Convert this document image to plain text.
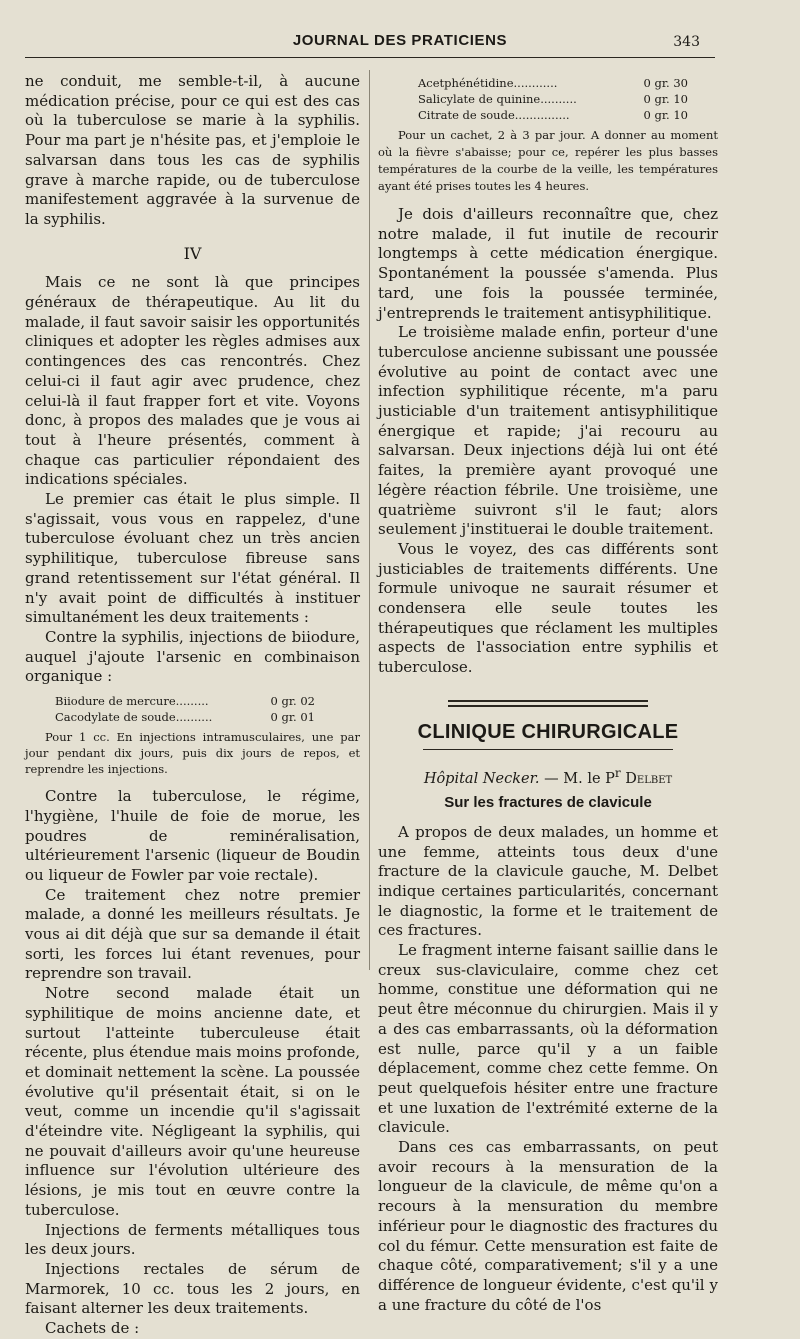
JOURNAL DES PRATICIENS	343

ne conduit, me semble-t-il, à aucune médication précise, pour ce qui est des cas où la tuberculose se marie à la syphilis. Pour ma part je n'hésite pas, et j'emploie le salvarsan dans tous les cas de syphilis grave à marche rapide, ou de tuberculose manifestement aggravée à la survenue de la syphilis.

IV

Mais ce ne sont là que principes généraux de thérapeutique. Au lit du malade, il faut savoir saisir les opportunités cliniques et adopter les règles admises aux contingences des cas rencontrés. Chez celui-ci il faut agir avec prudence, chez celui-là il faut frapper fort et vite. Voyons donc, à propos des malades que je vous ai tout à l'heure présentés, comment à chaque cas particulier répondaient des indications spéciales.

Le premier cas était le plus simple. Il s'agissait, vous vous en rappelez, d'une tuberculose évoluant chez un très ancien syphilitique, tuberculose fibreuse sans grand retentissement sur l'état général. Il n'y avait point de difficultés à instituer simultanément les deux traitements :

Contre la syphilis, injections de biiodure, auquel j'ajoute l'arsenic en combinaison organique :

Biiodure de mercure.........	0 gr. 02
Cacodylate de soude..........	0 gr. 01

Pour 1 cc. En injections intramusculaires, une par jour pendant dix jours, puis dix jours de repos, et reprendre les injections.

Contre la tuberculose, le régime, l'hygiène, l'huile de foie de morue, les poudres de reminéralisation, ultérieurement l'arsenic (liqueur de Boudin ou liqueur de Fowler par voie rectale).

Ce traitement chez notre premier malade, a donné les meilleurs résultats. Je vous ai dit déjà que sur sa demande il était sorti, les forces lui étant revenues, pour reprendre son travail.

Notre second malade était un syphilitique de moins ancienne date, et surtout l'atteinte tuberculeuse était récente, plus étendue mais moins profonde, et dominait nettement la scène. La poussée évolutive qu'il présentait était, si on le veut, comme un incendie qu'il s'agissait d'éteindre vite. Négligeant la syphilis, qui ne pouvait d'ailleurs avoir qu'une heureuse influence sur l'évolution ultérieure des lésions, je mis tout en œuvre contre la tuberculose.

Injections de ferments métalliques tous les deux jours.

Injections rectales de sérum de Marmorek, 10 cc. tous les 2 jours, en faisant alterner les deux traitements.

Cachets de :

Acetphénétidine............	0 gr. 30
Salicylate de quinine..........	0 gr. 10
Citrate de soude...............	0 gr. 10

Pour un cachet, 2 à 3 par jour. A donner au moment où la fièvre s'abaisse; pour ce, repérer les plus basses températures de la courbe de la veille, les températures ayant été prises toutes les 4 heures.

Je dois d'ailleurs reconnaître que, chez notre malade, il fut inutile de recourir longtemps à cette médication énergique. Spontanément la poussée s'amenda. Plus tard, une fois la poussée terminée, j'entreprends le traitement antisyphilitique.

Le troisième malade enfin, porteur d'une tuberculose ancienne subissant une poussée évolutive au point de contact avec une infection syphilitique récente, m'a paru justiciable d'un traitement antisyphilitique énergique et rapide; j'ai recouru au salvarsan. Deux injections déjà lui ont été faites, la première ayant provoqué une légère réaction fébrile. Une troisième, une quatrième suivront s'il le faut; alors seulement j'instituerai le double traitement.

Vous le voyez, des cas différents sont justiciables de traitements différents. Une formule univoque ne saurait résumer et condensera elle seule toutes les thérapeutiques que réclament les multiples aspects de l'association entre syphilis et tuberculose.

CLINIQUE CHIRURGICALE
Hôpital Necker. — M. le $P^r$ Delbet
Sur les fractures de clavicule

A propos de deux malades, un homme et une femme, atteints tous deux d'une fracture de la clavicule gauche, M. Delbet indique certaines particularités, concernant le diagnostic, la forme et le traitement de ces fractures.

Le fragment interne faisant saillie dans le creux sus-claviculaire, comme chez cet homme, constitue une déformation qui ne peut être méconnue du chirurgien. Mais il y a des cas embarrassants, où la déformation est nulle, parce qu'il y a un faible déplacement, comme chez cette femme. On peut quelquefois hésiter entre une fracture et une luxation de l'extrémité externe de la clavicule.

Dans ces cas embarrassants, on peut avoir recours à la mensuration de la longueur de la clavicule, de même qu'on a recours à la mensuration du membre inférieur pour le diagnostic des fractures du col du fémur. Cette mensuration est faite de chaque côté, comparativement; s'il y a une différence de longueur évidente, c'est qu'il y a une fracture du côté de l'os
